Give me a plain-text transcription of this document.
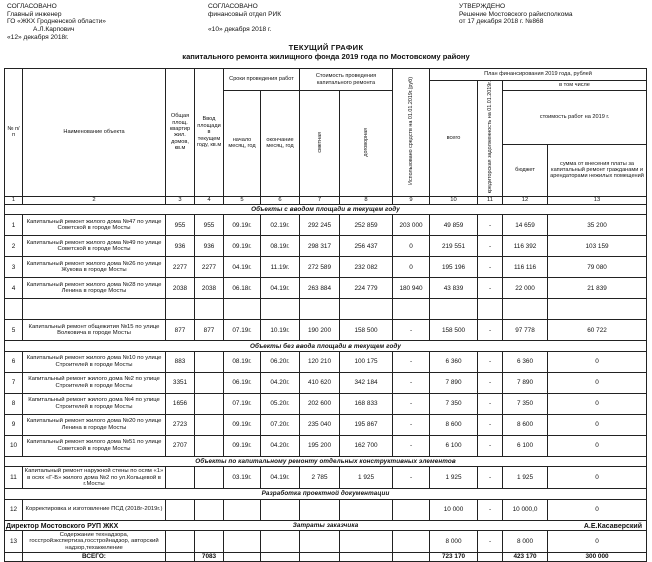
СОГЛАСОВАНО
Главный инженер
ГО «ЖКХ Гродненской области»
А.Л.Карпович
«12» декабря 2018г.
СОГЛАСОВАНО
финансовый отдел РИК

«10» декабря 2018 г.
УТВЕРЖДЕНО
Решение Мостовского райисполкома
от 17 декабря 2018 г. №868
ТЕКУЩИЙ ГРАФИК
капитального ремонта жилищного фонда 2019 года по Мостовскому району
№ п/п	Наименование объекта	Общая площ. квартир жил. домов, кв.м	Ввод площади в текущем году, кв.м	Сроки проведения работ		Стоимость проведения капитального ремонта		Использовано средств на 01.01.2019г.(руб)	План финансирования 2019 года, рублей			
									всего	кредиторская задолженность на 01.01.2019г.	в том числе	
				начало месяц, год	окончание месяц, год	сметная	договорная				стоимость работ на 2019 г.	
											бюджет	сумма от внесения платы за капитальный ремонт гражданами и арендаторами нежилых помещений
1	2	3	4	5	6	7	8	9	10	11	12	13
Объекты с вводом площади в текущем году												
1	Капитальный ремонт жилого дома №47 по улице Советской в городе Мосты	955	955	09.19г.	02.19г.	292 245	252 859	203 000	49 859	-	14 659	35 200
2	Капитальный ремонт жилого дома №49 по улице Советской в городе Мосты	936	936	09.19г.	08.19г.	298 317	256 437	0	219 551	-	116 392	103 159
3	Капитальный ремонт жилого дома №26 по улице Жукова в городе Мосты	2277	2277	04.19г.	11.19г.	272 589	232 082	0	195 196	-	116 116	79 080
4	Капитальный ремонт жилого дома №28 по улице Ленина в городе Мосты	2038	2038	06.18г.	04.19г.	263 884	224 779	180 940	43 839	-	22 000	21 839

5	Капитальный ремонт общежития №15 по улице Волковича в городе Мосты	877	877	07.19г.	10.19г.	190 200	158 500	-	158 500	-	97 778	60 722
Объекты без ввода площади в текущем году												
6	Капитальный ремонт жилого дома №10 по улице Строителей в городе Мосты	883		08.19г.	06.20г.	120 210	100 175	-	6 360	-	6 360	0
7	Капитальный ремонт жилого дома №2 по улице Строителей в городе Мосты	3351		06.19г.	04.20г.	410 620	342 184	-	7 890	-	7 890	0
8	Капитальный ремонт жилого дома №4 по улице Строителей в городе Мосты	1656		07.19г.	05.20г.	202 600	168 833	-	7 350	-	7 350	0
9	Капитальный ремонт жилого дома №20 по улице Ленина в городе Мосты	2723		09.19г.	07.20г.	235 040	195 867	-	8 600	-	8 600	0
10	Капитальный ремонт жилого дома №51 по улице Советской в городе Мосты	2707		09.19г.	04.20г.	195 200	162 700	-	6 100	-	6 100	0
Объекты по капитальному ремонту отдельных конструктивных элементов												
11	Капитальный ремонт наружной стены по осям «1» в осях «Г-Б» жилого дома №2 по ул.Кольцевой в г.Мосты			03.19г.	04.19г.	2 785	1 925	-	1 925	-	1 925	0
Разработка проектной документации												
12	Корректировка и изготовление ПСД (2018г-2019г.)								10 000	-	10 000,0	0
Затраты заказчика												
13	Содержание технадзора, госстройэкспертиза,госстройнадзор, авторский надзор,техаккеление								8 000	-	8 000	0
	ВСЕГО:		7083						723 170		423 170	300 000
Директор Мостовского РУП ЖКХ	А.Е.Касаверский
